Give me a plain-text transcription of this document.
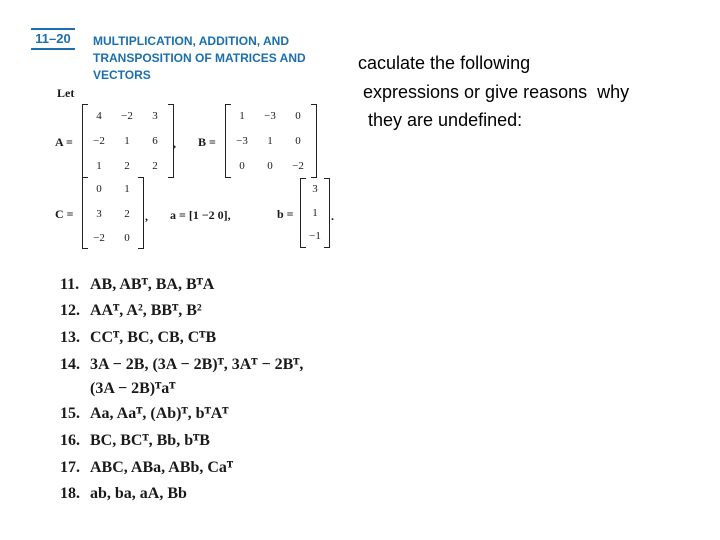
11–20	MULTIPLICATION, ADDITION, AND
TRANSPOSITION OF MATRICES AND
VECTORS
Let
A =
4	−2	3
−2	1	6
1	2	2
, B =
1	−3	0
−3	1	0
0	0	−2
C =
0	1
3	2
−2	0
, a = [1 −2 0],	b =
3
1
−1
.
11. AB, ABᵀ, BA, BᵀA
12. AAᵀ, A², BBᵀ, B²
13. CCᵀ, BC, CB, CᵀB
14. 3A − 2B, (3A − 2B)ᵀ, 3Aᵀ − 2Bᵀ,
(3A − 2B)ᵀaᵀ
15. Aa, Aaᵀ, (Ab)ᵀ, bᵀAᵀ
16. BC, BCᵀ, Bb, bᵀB
17. ABC, ABa, ABb, Caᵀ
18. ab, ba, aA, Bb
caculate the following
expressions or give reasons  why
they are undefined:
